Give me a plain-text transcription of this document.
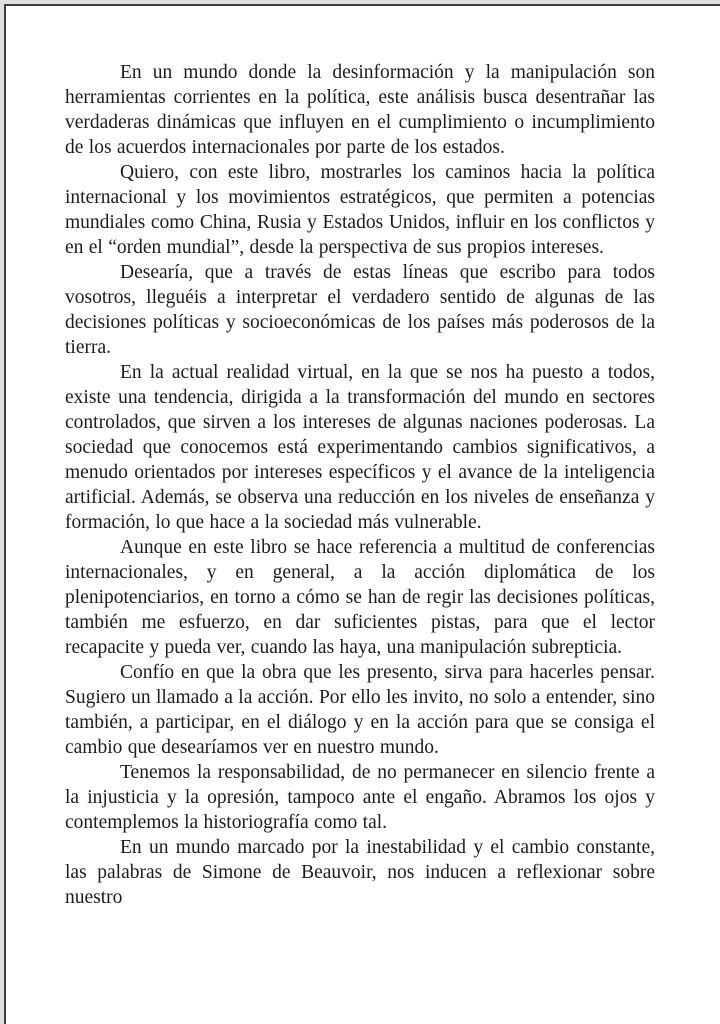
En un mundo donde la desinformación y la manipulación son herramientas corrientes en la política, este análisis busca desentrañar las verdaderas dinámicas que influyen en el cumplimiento o incumplimiento de los acuerdos internacionales por parte de los estados.

Quiero, con este libro, mostrarles los caminos hacia la política internacional y los movimientos estratégicos, que permiten a potencias mundiales como China, Rusia y Estados Unidos, influir en los conflictos y en el “orden mundial”, desde la perspectiva de sus propios intereses.

Desearía, que a través de estas líneas que escribo para todos vosotros, lleguéis a interpretar el verdadero sentido de algunas de las decisiones políticas y socioeconómicas de los países más poderosos de la tierra.

En la actual realidad virtual, en la que se nos ha puesto a todos, existe una tendencia, dirigida a la transformación del mundo en sectores controlados, que sirven a los intereses de algunas naciones poderosas. La sociedad que conocemos está experimentando cambios significativos, a menudo orientados por intereses específicos y el avance de la inteligencia artificial. Además, se observa una reducción en los niveles de enseñanza y formación, lo que hace a la sociedad más vulnerable.

Aunque en este libro se hace referencia a multitud de conferencias internacionales, y en general, a la acción diplomática de los plenipotenciarios, en torno a cómo se han de regir las decisiones políticas, también me esfuerzo, en dar suficientes pistas, para que el lector recapacite y pueda ver, cuando las haya, una manipulación subrepticia.

Confío en que la obra que les presento, sirva para hacerles pensar. Sugiero un llamado a la acción. Por ello les invito, no solo a entender, sino también, a participar, en el diálogo y en la acción para que se consiga el cambio que desearíamos ver en nuestro mundo.

Tenemos la responsabilidad, de no permanecer en silencio frente a la injusticia y la opresión, tampoco ante el engaño. Abramos los ojos y contemplemos la historiografía como tal.

En un mundo marcado por la inestabilidad y el cambio constante, las palabras de Simone de Beauvoir, nos inducen a reflexionar sobre nuestro
